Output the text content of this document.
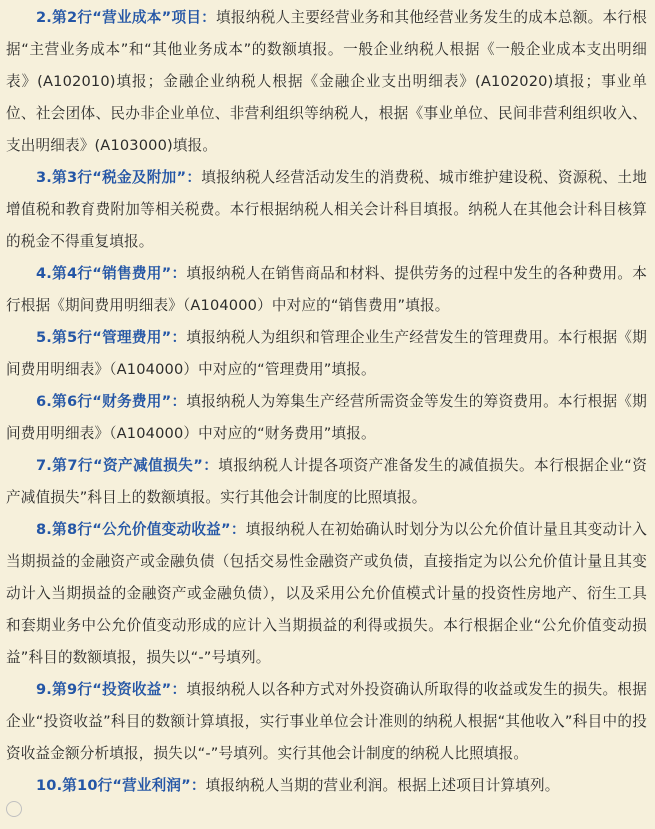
2.第2行“营业成本”项目：填报纳税人主要经营业务和其他经营业务发生的成本总额。本行根据“主营业务成本”和“其他业务成本”的数额填报。一般企业纳税人根据《一般企业成本支出明细表》(A102010)填报；金融企业纳税人根据《金融企业支出明细表》(A102020)填报；事业单位、社会团体、民办非企业单位、非营利组织等纳税人，根据《事业单位、民间非营利组织收入、支出明细表》(A103000)填报。

3.第3行“税金及附加”：填报纳税人经营活动发生的消费税、城市维护建设税、资源税、土地增值税和教育费附加等相关税费。本行根据纳税人相关会计科目填报。纳税人在其他会计科目核算的税金不得重复填报。

4.第4行“销售费用”：填报纳税人在销售商品和材料、提供劳务的过程中发生的各种费用。本行根据《期间费用明细表》（A104000）中对应的“销售费用”填报。

5.第5行“管理费用”：填报纳税人为组织和管理企业生产经营发生的管理费用。本行根据《期间费用明细表》（A104000）中对应的“管理费用”填报。

6.第6行“财务费用”：填报纳税人为筹集生产经营所需资金等发生的筹资费用。本行根据《期间费用明细表》（A104000）中对应的“财务费用”填报。

7.第7行“资产减值损失”：填报纳税人计提各项资产准备发生的减值损失。本行根据企业“资产减值损失”科目上的数额填报。实行其他会计制度的比照填报。

8.第8行“公允价值变动收益”：填报纳税人在初始确认时划分为以公允价值计量且其变动计入当期损益的金融资产或金融负债（包括交易性金融资产或负债，直接指定为以公允价值计量且其变动计入当期损益的金融资产或金融负债），以及采用公允价值模式计量的投资性房地产、衍生工具和套期业务中公允价值变动形成的应计入当期损益的利得或损失。本行根据企业“公允价值变动损益”科目的数额填报，损失以“-”号填列。

9.第9行“投资收益”：填报纳税人以各种方式对外投资确认所取得的收益或发生的损失。根据企业“投资收益”科目的数额计算填报，实行事业单位会计准则的纳税人根据“其他收入”科目中的投资收益金额分析填报，损失以“-”号填列。实行其他会计制度的纳税人比照填报。

10.第10行“营业利润”：填报纳税人当期的营业利润。根据上述项目计算填列。
